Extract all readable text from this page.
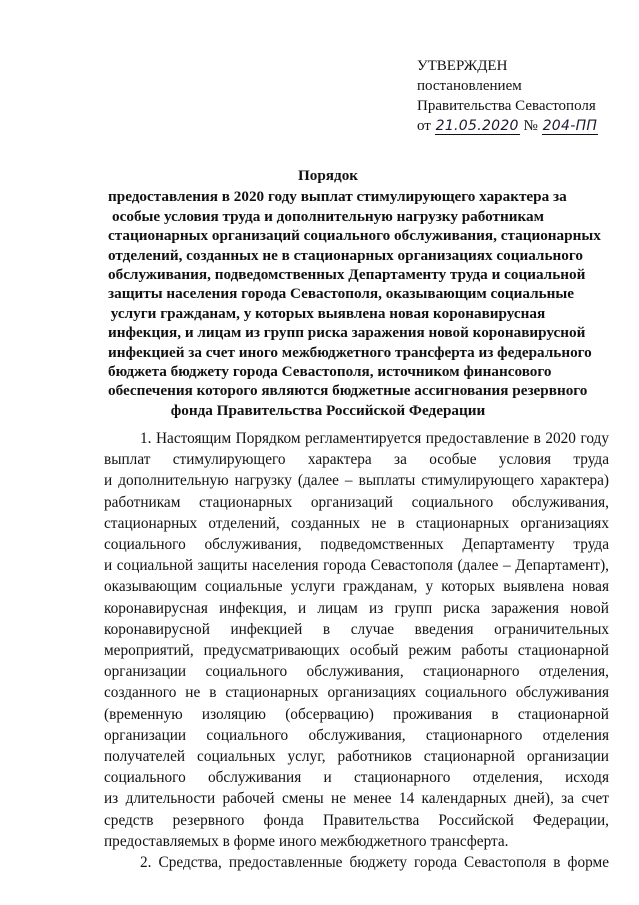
УТВЕРЖДЕН
постановлением
Правительства Севастополя
от 21.05.2020 № 204-ПП
Порядок
предоставления в 2020 году выплат стимулирующего характера за
особые условия труда и дополнительную нагрузку работникам
стационарных организаций социального обслуживания, стационарных
отделений, созданных не в стационарных организациях социального
обслуживания, подведомственных Департаменту труда и социальной
защиты населения города Севастополя, оказывающим социальные
услуги гражданам, у которых выявлена новая коронавирусная
инфекция, и лицам из групп риска заражения новой коронавирусной
инфекцией за счет иного межбюджетного трансферта из федерального
бюджета бюджету города Севастополя, источником финансового
обеспечения которого являются бюджетные ассигнования резервного
фонда Правительства Российской Федерации
1. Настоящим Порядком регламентируется предоставление в 2020 году
выплат стимулирующего характера за особые условия труда
и дополнительную нагрузку (далее – выплаты стимулирующего характера)
работникам стационарных организаций социального обслуживания,
стационарных отделений, созданных не в стационарных организациях
социального обслуживания, подведомственных Департаменту труда
и социальной защиты населения города Севастополя (далее – Департамент),
оказывающим социальные услуги гражданам, у которых выявлена новая
коронавирусная инфекция, и лицам из групп риска заражения новой
коронавирусной инфекцией в случае введения ограничительных
мероприятий, предусматривающих особый режим работы стационарной
организации социального обслуживания, стационарного отделения,
созданного не в стационарных организациях социального обслуживания
(временную изоляцию (обсервацию) проживания в стационарной
организации социального обслуживания, стационарного отделения
получателей социальных услуг, работников стационарной организации
социального обслуживания и стационарного отделения, исходя
из длительности рабочей смены не менее 14 календарных дней), за счет
средств резервного фонда Правительства Российской Федерации,
предоставляемых в форме иного межбюджетного трансферта.
2. Средства, предоставленные бюджету города Севастополя в форме
